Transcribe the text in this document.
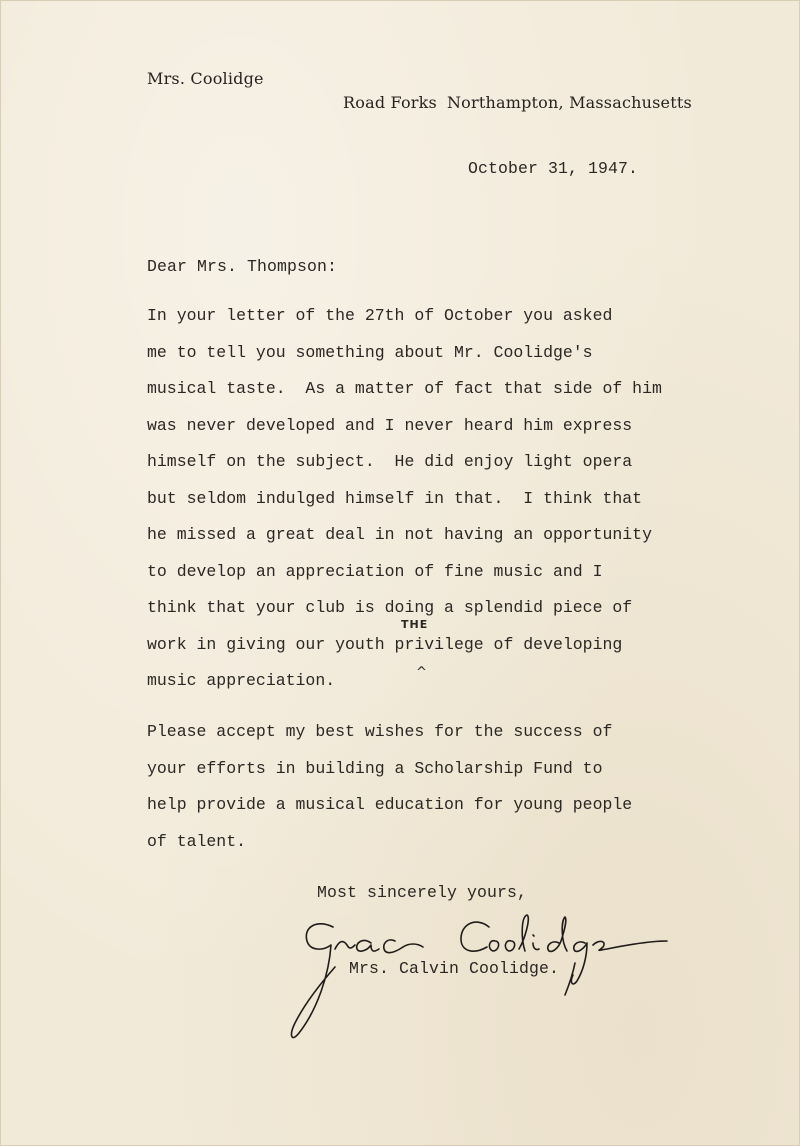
Mrs. Coolidge
Road Forks Northampton, Massachusetts
October 31, 1947.
Dear Mrs. Thompson:
In your letter of the 27th of October you asked
me to tell you something about Mr. Coolidge's
musical taste.  As a matter of fact that side of him
was never developed and I never heard him express
himself on the subject.  He did enjoy light opera
but seldom indulged himself in that.  I think that
he missed a great deal in not having an opportunity
to develop an appreciation of fine music and I
think that your club is doing a splendid piece of
work in giving our youth privilege of developing
music appreciation.
THE
^
Please accept my best wishes for the success of
your efforts in building a Scholarship Fund to
help provide a musical education for young people
of talent.
Most sincerely yours,
Mrs. Calvin Coolidge.
